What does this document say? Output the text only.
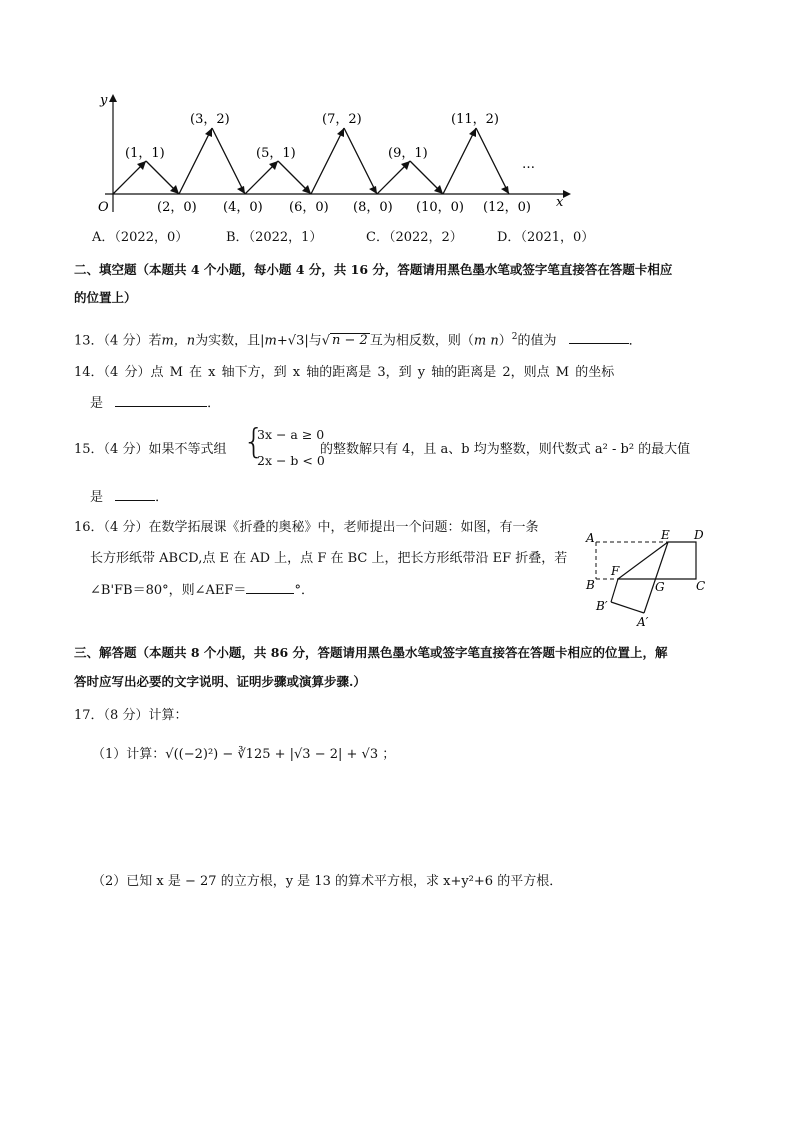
x
y
O
(1，1)
(3，2)
(5，1)
(7，2)
(9，1)
(11，2)
…
(2，0) (4，0) (6，0) (8，0) (10，0) (12，0)
A．（2022，0）	B．（2022，1）	C．（2022，2）	D．（2021，0）
二、填空题（本题共 4 个小题，每小题 4 分，共 16 分，答题请用黑色墨水笔或签字笔直接答在答题卡相应
的位置上）
13．（4 分）若m，n为实数，且|m+√3|与√ n − 2 互为相反数，则（m n）$^2$的值为	．
14．（4 分）点 M 在 x 轴下方，到 x 轴的距离是 3，到 y 轴的距离是 2，则点 M 的坐标
是	．
15．（4 分）如果不等式组 {
3x − a ≥ 0
2x − b < 0
的整数解只有 4，且 a、b 均为整数，则代数式 a² - b² 的最大值
是	．
16．（4 分）在数学拓展课《折叠的奥秘》中，老师提出一个问题：如图，有一条
长方形纸带 ABCD,点 E 在 AD 上，点 F 在 BC 上，把长方形纸带沿 EF 折叠，若
∠B'FB＝80°，则∠AEF＝	°．
A
B	C
D
E
F
G
A′
B′
三、解答题（本题共 8 个小题，共 86 分，答题请用黑色墨水笔或签字笔直接答在答题卡相应的位置上，解
答时应写出必要的文字说明、证明步骤或演算步骤.）
17．（8 分）计算：
（1）计算：√((−2)²) − ∛125 + |√3 − 2| + √3 ；
（2）已知 x 是 − 27 的立方根，y 是 13 的算术平方根，求 x+y²+6 的平方根．
